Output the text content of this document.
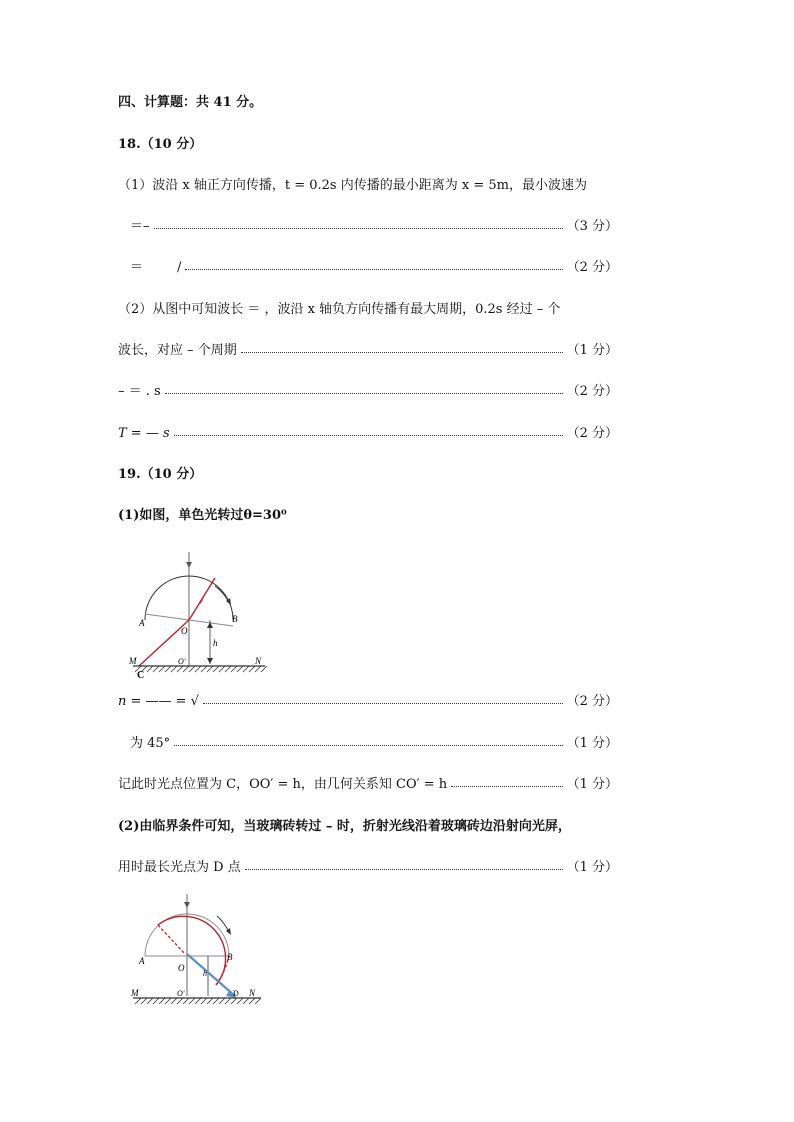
四、计算题：共 41 分。
18.（10 分）
（1）波沿 x 轴正方向传播，t = 0.2s 内传播的最小距离为 x = 5m，最小波速为
＝–	（3 分）
＝	/	（2 分）
（2）从图中可知波长 ＝ ，波沿 x 轴负方向传播有最大周期，0.2s 经过 – 个
波长，对应 – 个周期	（1 分）
– ＝ . s	（2 分）
T = — s	（2 分）
19.（10 分）
(1)如图，单色光转过θ=30⁰
A	B
O
O'
h
M	N
C
n = —— = √	（2 分）
为 45°	（1 分）
记此时光点位置为 C，OO′ = h，由几何关系知 CO′ = h	（1 分）
(2)由临界条件可知，当玻璃砖转过 – 时，折射光线沿着玻璃砖边沿射向光屏，
用时最长光点为 D 点	（1 分）
A	B
O
O'
h
M	D N
